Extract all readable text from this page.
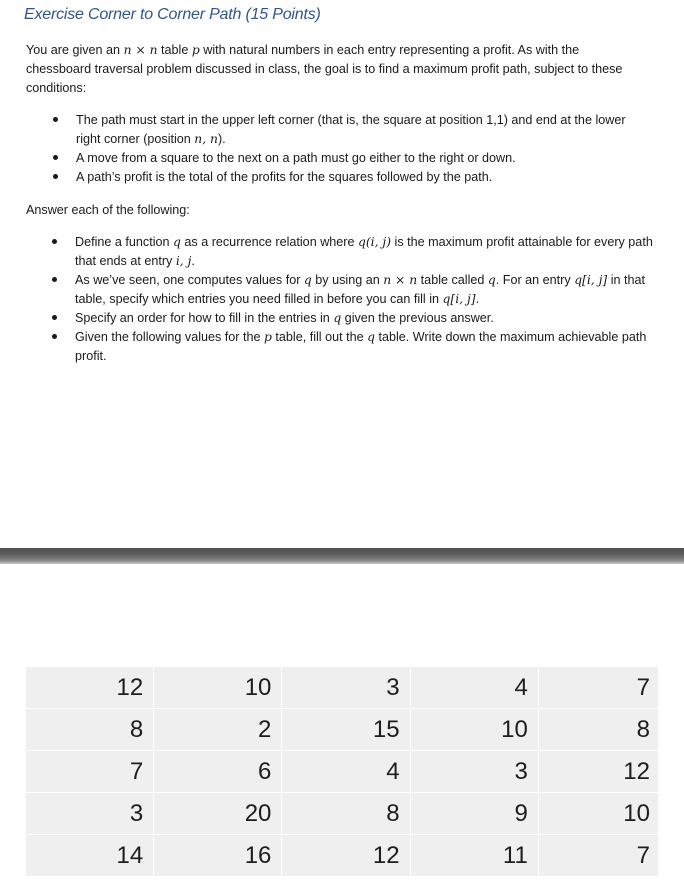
Exercise Corner to Corner Path (15 Points)

You are given an n × n table p with natural numbers in each entry representing a profit. As with the chessboard traversal problem discussed in class, the goal is to find a maximum profit path, subject to these conditions:

The path must start in the upper left corner (that is, the square at position 1,1) and end at the lower right corner (position n, n).
A move from a square to the next on a path must go either to the right or down.
A path’s profit is the total of the profits for the squares followed by the path.

Answer each of the following:

Define a function q as a recurrence relation where q(i, j) is the maximum profit attainable for every path that ends at entry i, j.
As we’ve seen, one computes values for q by using an n × n table called q. For an entry q[i, j] in that table, specify which entries you need filled in before you can fill in q[i, j].
Specify an order for how to fill in the entries in q given the previous answer.
Given the following values for the p table, fill out the q table. Write down the maximum achievable path profit.
12	10	3	4	7
8	2	15	10	8
7	6	4	3	12
3	20	8	9	10
14	16	12	11	7
